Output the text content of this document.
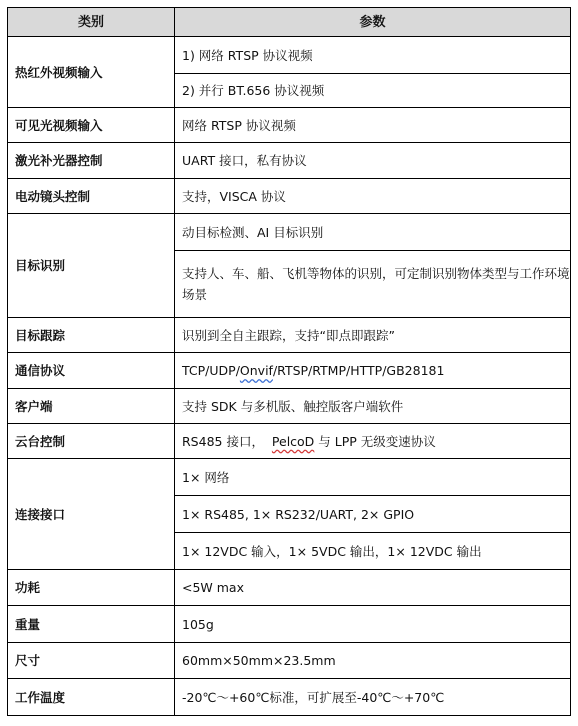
类别	参数
热红外视频输入	1) 网络 RTSP 协议视频
	2) 并行 BT.656 协议视频
可见光视频输入	网络 RTSP 协议视频
激光补光器控制	UART 接口，私有协议
电动镜头控制	支持，VISCA 协议
目标识别	动目标检测、AI 目标识别
	支持人、车、船、飞机等物体的识别，可定制识别物体类型与工作环境场景
目标跟踪	识别到全自主跟踪，支持“即点即跟踪”
通信协议	TCP/UDP/Onvif/RTSP/RTMP/HTTP/GB28181
客户端	支持 SDK 与多机版、触控版客户端软件
云台控制	RS485 接口，  PelcoD 与 LPP 无级变速协议
连接接口	1× 网络
	1× RS485, 1× RS232/UART, 2× GPIO
	1× 12VDC 输入，1× 5VDC 输出，1× 12VDC 输出
功耗	<5W max
重量	105g
尺寸	60mm×50mm×23.5mm
工作温度	-20℃～+60℃标准，可扩展至-40℃～+70℃
